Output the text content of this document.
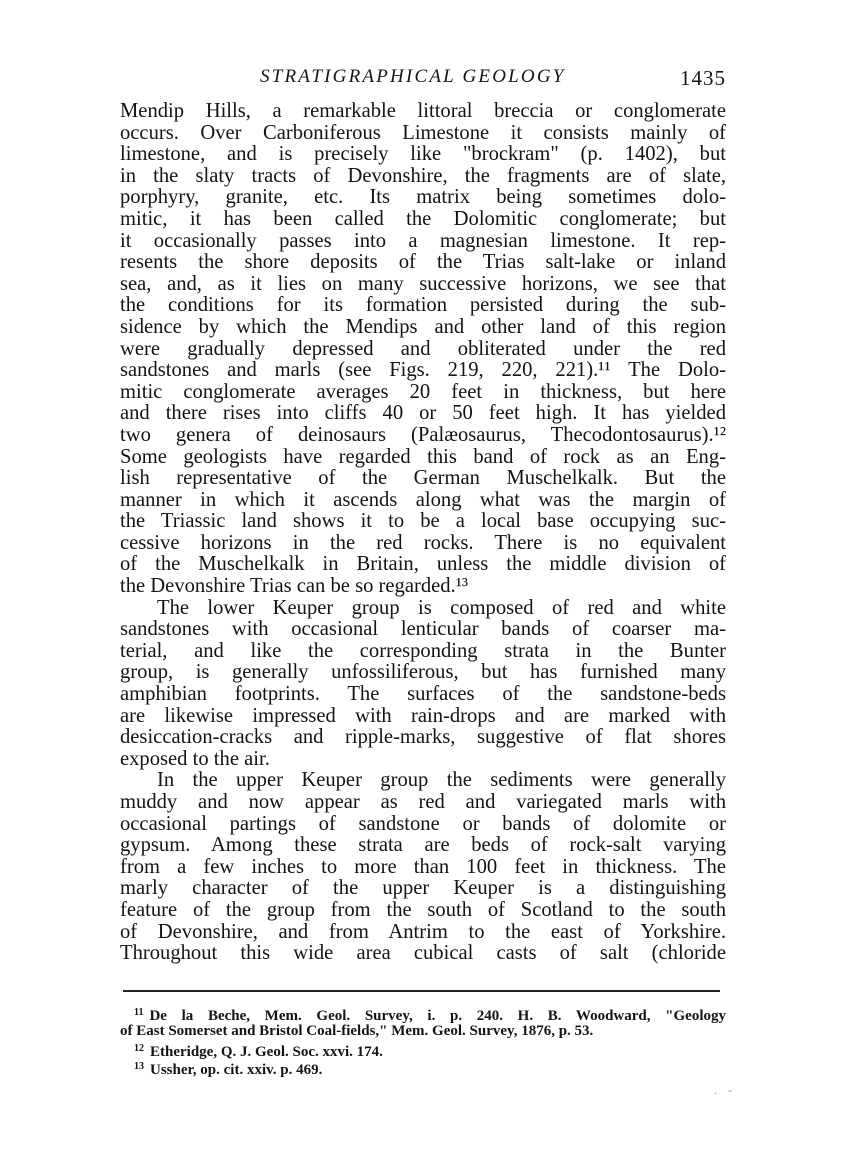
STRATIGRAPHICAL GEOLOGY	1435
Mendip Hills, a remarkable littoral breccia or conglomerate
occurs. Over Carboniferous Limestone it consists mainly of
limestone, and is precisely like "brockram" (p. 1402), but
in the slaty tracts of Devonshire, the fragments are of slate,
porphyry, granite, etc. Its matrix being sometimes dolo-
mitic, it has been called the Dolomitic conglomerate; but
it occasionally passes into a magnesian limestone. It rep-
resents the shore deposits of the Trias salt-lake or inland
sea, and, as it lies on many successive horizons, we see that
the conditions for its formation persisted during the sub-
sidence by which the Mendips and other land of this region
were gradually depressed and obliterated under the red
sandstones and marls (see Figs. 219, 220, 221).¹¹ The Dolo-
mitic conglomerate averages 20 feet in thickness, but here
and there rises into cliffs 40 or 50 feet high. It has yielded
two genera of deinosaurs (Palæosaurus, Thecodontosaurus).¹²
Some geologists have regarded this band of rock as an Eng-
lish representative of the German Muschelkalk. But the
manner in which it ascends along what was the margin of
the Triassic land shows it to be a local base occupying suc-
cessive horizons in the red rocks. There is no equivalent
of the Muschelkalk in Britain, unless the middle division of
the Devonshire Trias can be so regarded.¹³
The lower Keuper group is composed of red and white
sandstones with occasional lenticular bands of coarser ma-
terial, and like the corresponding strata in the Bunter
group, is generally unfossiliferous, but has furnished many
amphibian footprints. The surfaces of the sandstone-beds
are likewise impressed with rain-drops and are marked with
desiccation-cracks and ripple-marks, suggestive of flat shores
exposed to the air.
In the upper Keuper group the sediments were generally
muddy and now appear as red and variegated marls with
occasional partings of sandstone or bands of dolomite or
gypsum. Among these strata are beds of rock-salt varying
from a few inches to more than 100 feet in thickness. The
marly character of the upper Keuper is a distinguishing
feature of the group from the south of Scotland to the south
of Devonshire, and from Antrim to the east of Yorkshire.
Throughout this wide area cubical casts of salt (chloride
$^{11}$ De la Beche, Mem. Geol. Survey, i. p. 240. H. B. Woodward, "Geology
of East Somerset and Bristol Coal-fields," Mem. Geol. Survey, 1876, p. 53.
$^{12}$ Etheridge, Q. J. Geol. Soc. xxvi. 174.
$^{13}$ Ussher, op. cit. xxiv. p. 469.
. -
